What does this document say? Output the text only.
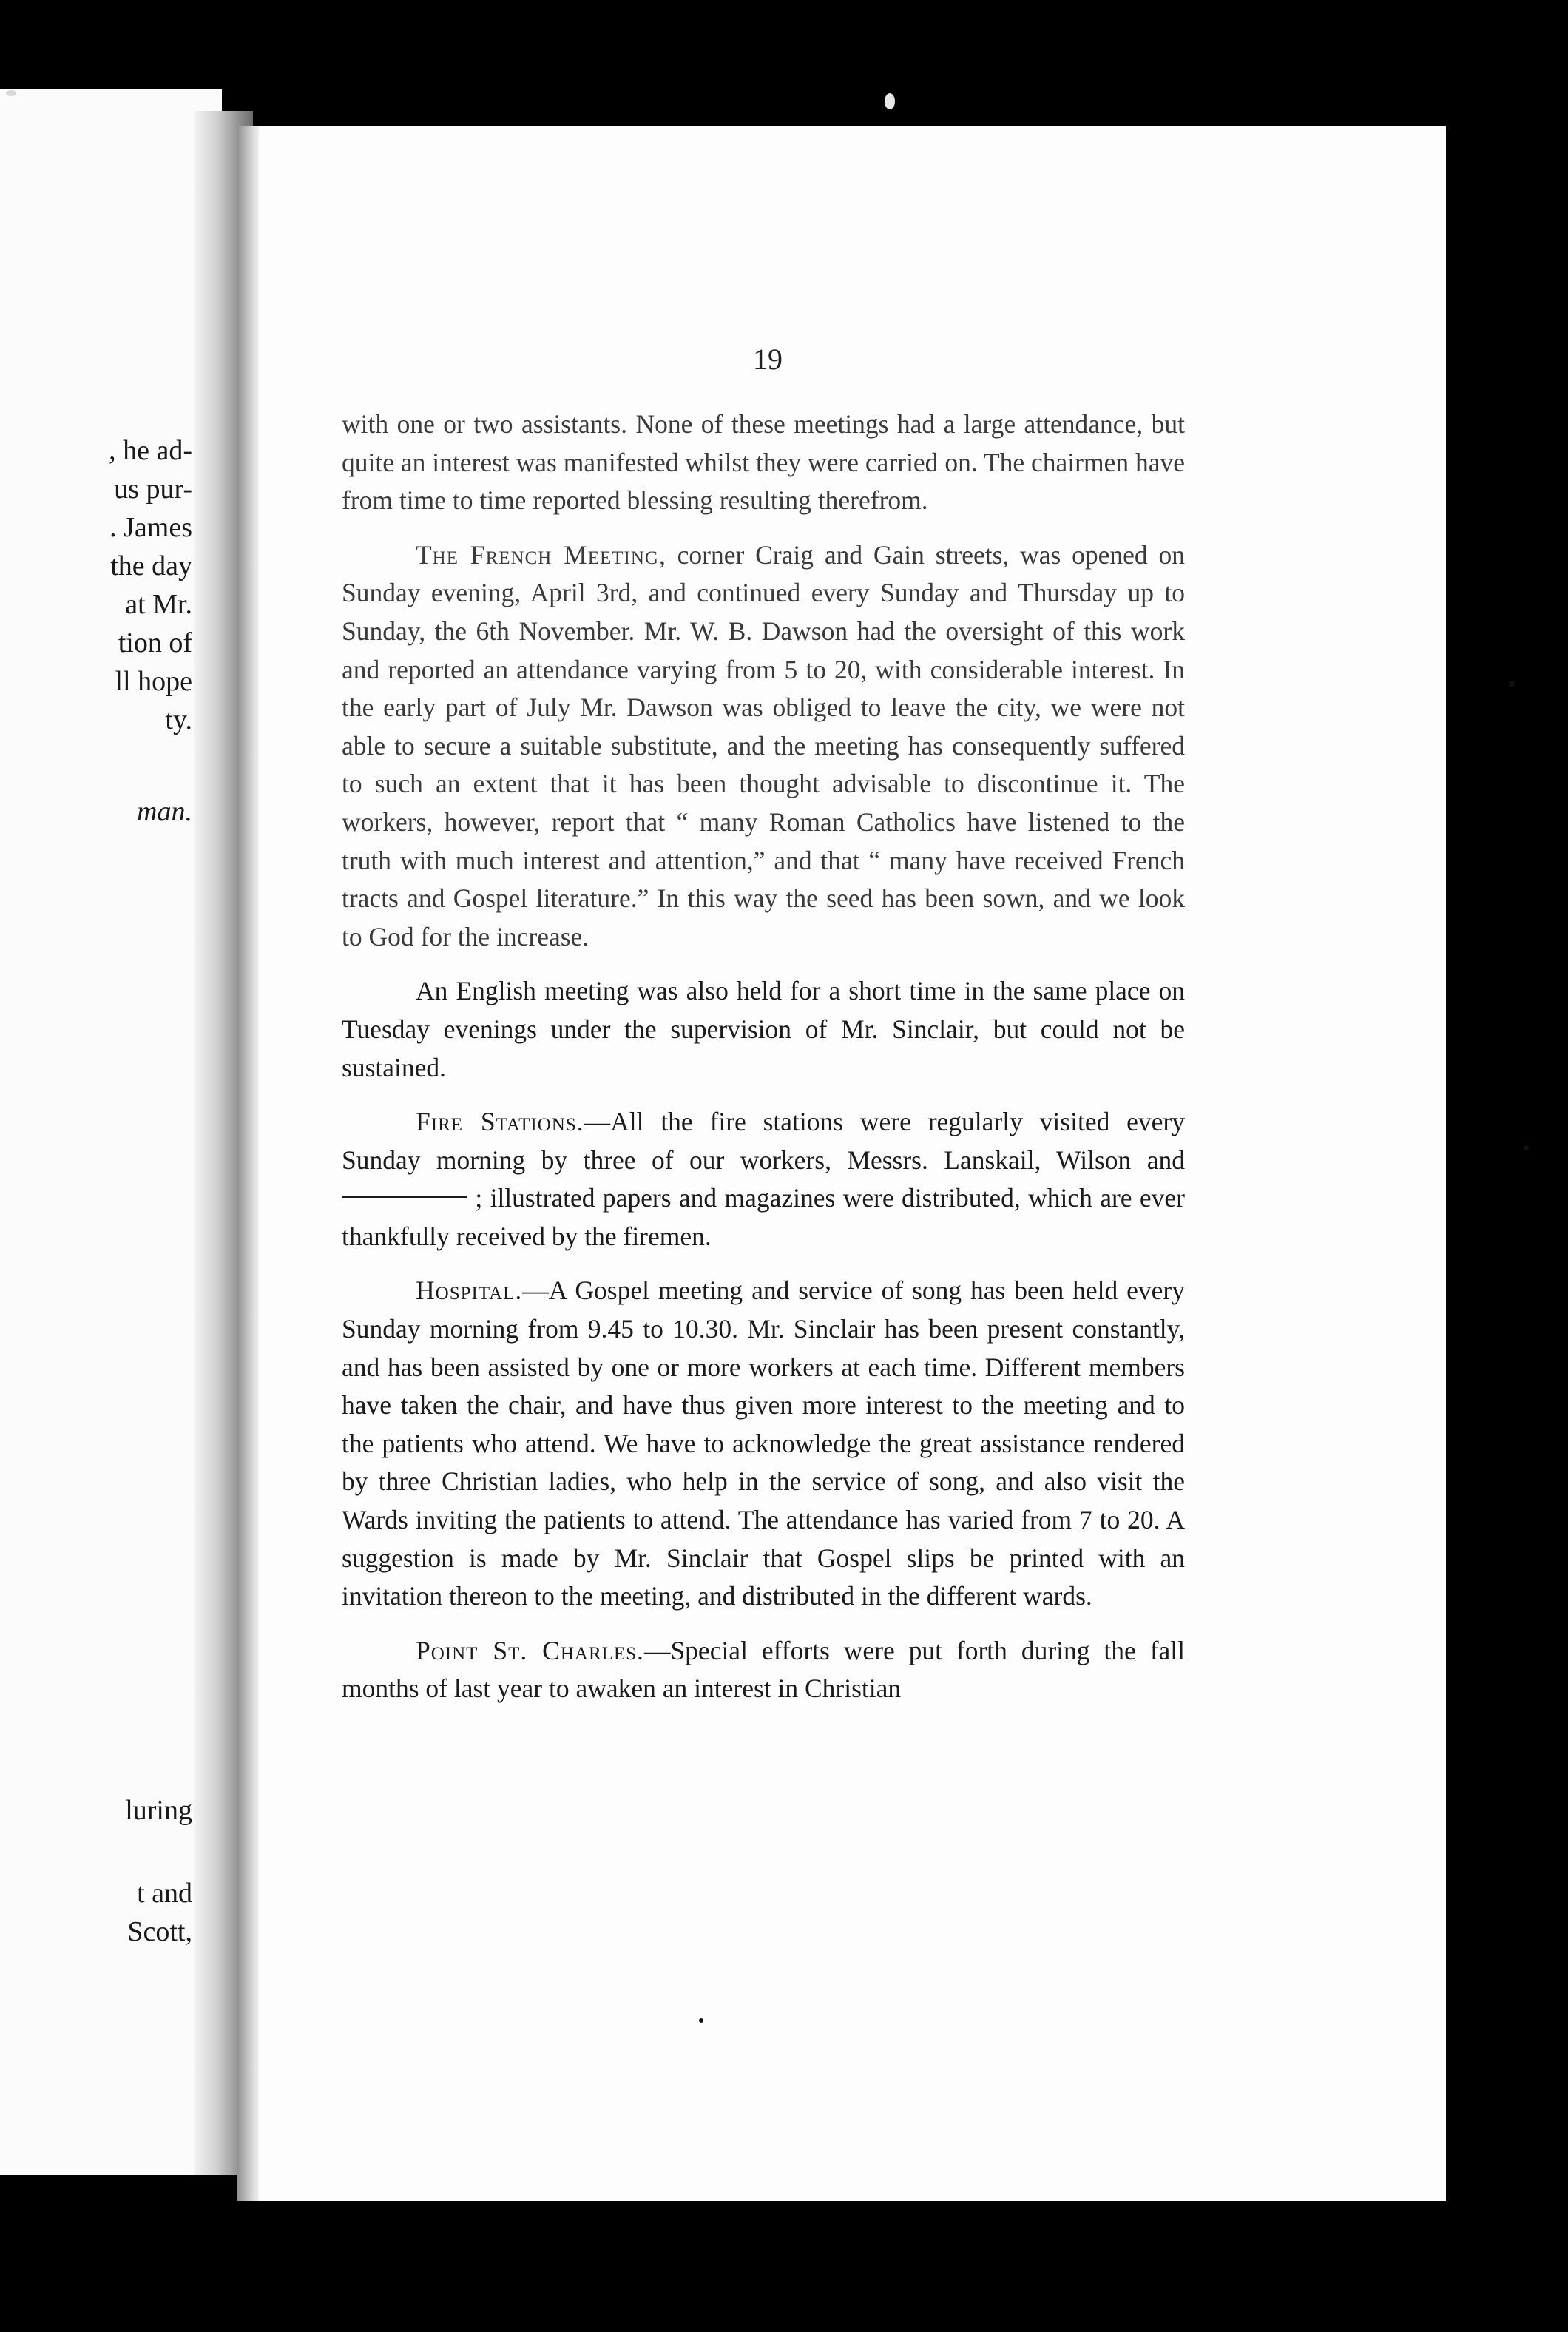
, he ad-
us pur-
. James
the day
at Mr.
tion of
ll hope
ty.
man.
luring
t and
Scott,
19

with one or two assistants. None of these meetings had a large attendance, but quite an interest was manifested whilst they were carried on. The chairmen have from time to time reported blessing resulting therefrom.

The French Meeting, corner Craig and Gain streets, was opened on Sunday evening, April 3rd, and continued every Sunday and Thursday up to Sunday, the 6th November. Mr. W. B. Dawson had the oversight of this work and reported an attendance varying from 5 to 20, with considerable interest. In the early part of July Mr. Dawson was obliged to leave the city, we were not able to secure a suitable substitute, and the meeting has consequently suffered to such an extent that it has been thought advisable to discontinue it. The workers, however, report that “ many Roman Catholics have listened to the truth with much interest and attention,” and that “ many have received French tracts and Gospel literature.” In this way the seed has been sown, and we look to God for the increase.

An English meeting was also held for a short time in the same place on Tuesday evenings under the supervision of Mr. Sinclair, but could not be sustained.

Fire Stations.—All the fire stations were regularly visited every Sunday morning by three of our workers, Messrs. Lanskail, Wilson and  ; illustrated papers and magazines were distributed, which are ever thankfully received by the firemen.

Hospital.—A Gospel meeting and service of song has been held every Sunday morning from 9.45 to 10.30. Mr. Sinclair has been present constantly, and has been assisted by one or more workers at each time. Different members have taken the chair, and have thus given more interest to the meeting and to the patients who attend. We have to acknowledge the great assistance rendered by three Christian ladies, who help in the service of song, and also visit the Wards inviting the patients to attend. The attendance has varied from 7 to 20. A suggestion is made by Mr. Sinclair that Gospel slips be printed with an invitation thereon to the meeting, and distributed in the different wards.

Point St. Charles.—Special efforts were put forth during the fall months of last year to awaken an interest in Christian
